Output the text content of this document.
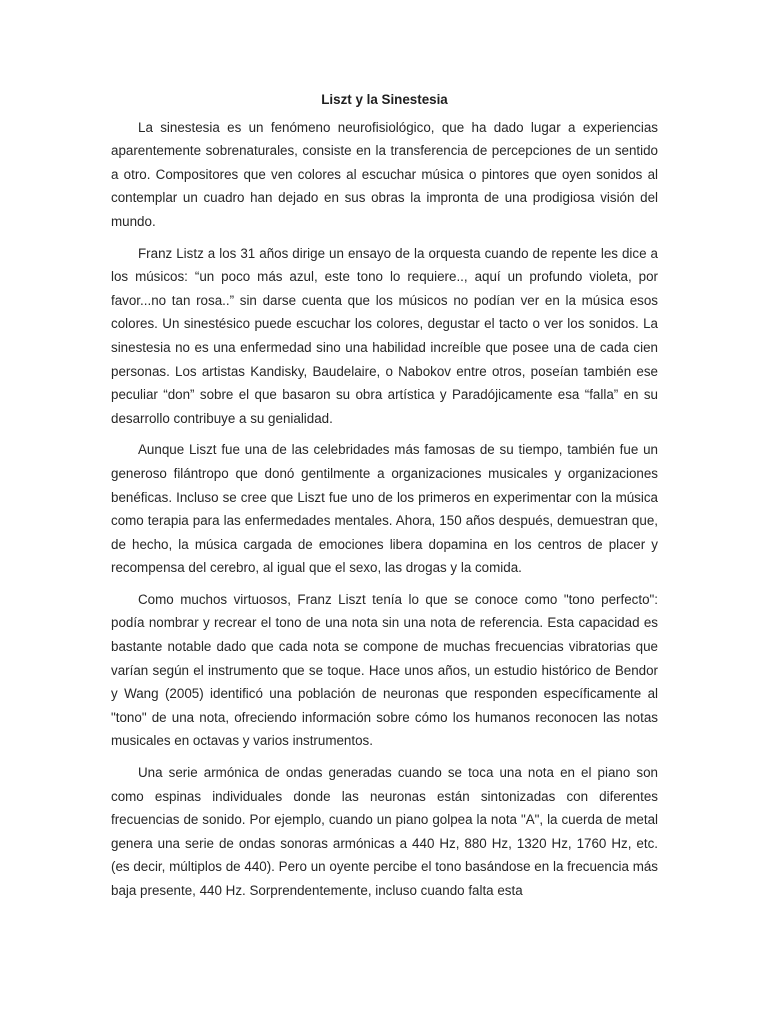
Liszt y la Sinestesia

La sinestesia es un fenómeno neurofisiológico, que ha dado lugar a experiencias aparentemente sobrenaturales, consiste en la transferencia de percepciones de un sentido a otro. Compositores que ven colores al escuchar música o pintores que oyen sonidos al contemplar un cuadro han dejado en sus obras la impronta de una prodigiosa visión del mundo.

Franz Listz a los 31 años dirige un ensayo de la orquesta cuando de repente les dice a los músicos: “un poco más azul, este tono lo requiere.., aquí un profundo violeta, por favor...no tan rosa..” sin darse cuenta que los músicos no podían ver en la música esos colores. Un sinestésico puede escuchar los colores, degustar el tacto o ver los sonidos. La sinestesia no es una enfermedad sino una habilidad increíble que posee una de cada cien personas. Los artistas Kandisky, Baudelaire, o Nabokov entre otros, poseían también ese peculiar “don” sobre el que basaron su obra artística y Paradójicamente esa “falla” en su desarrollo contribuye a su genialidad.

Aunque Liszt fue una de las celebridades más famosas de su tiempo, también fue un generoso filántropo que donó gentilmente a organizaciones musicales y organizaciones benéficas. Incluso se cree que Liszt fue uno de los primeros en experimentar con la música como terapia para las enfermedades mentales. Ahora, 150 años después, demuestran que, de hecho, la música cargada de emociones libera dopamina en los centros de placer y recompensa del cerebro, al igual que el sexo, las drogas y la comida.

Como muchos virtuosos, Franz Liszt tenía lo que se conoce como "tono perfecto": podía nombrar y recrear el tono de una nota sin una nota de referencia. Esta capacidad es bastante notable dado que cada nota se compone de muchas frecuencias vibratorias que varían según el instrumento que se toque. Hace unos años, un estudio histórico de Bendor y Wang (2005) identificó una población de neuronas que responden específicamente al "tono" de una nota, ofreciendo información sobre cómo los humanos reconocen las notas musicales en octavas y varios instrumentos.

Una serie armónica de ondas generadas cuando se toca una nota en el piano son como espinas individuales donde las neuronas están sintonizadas con diferentes frecuencias de sonido. Por ejemplo, cuando un piano golpea la nota "A", la cuerda de metal genera una serie de ondas sonoras armónicas a 440 Hz, 880 Hz, 1320 Hz, 1760 Hz, etc. (es decir, múltiplos de 440). Pero un oyente percibe el tono basándose en la frecuencia más baja presente, 440 Hz. Sorprendentemente, incluso cuando falta esta
